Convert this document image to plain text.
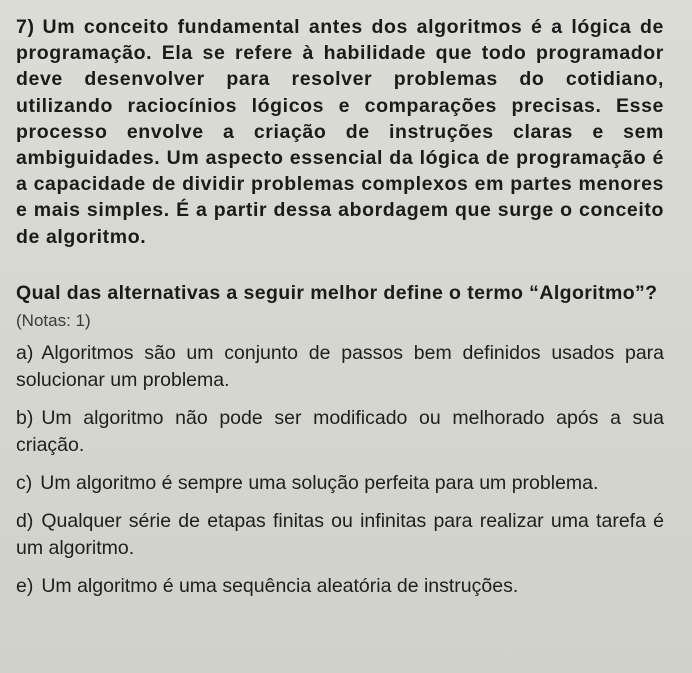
7) Um conceito fundamental antes dos algoritmos é a lógica de programação. Ela se refere à habilidade que todo programador deve desenvolver para resolver problemas do cotidiano, utilizando raciocínios lógicos e comparações precisas. Esse processo envolve a criação de instruções claras e sem ambiguidades. Um aspecto essencial da lógica de programação é a capacidade de dividir problemas complexos em partes menores e mais simples. É a partir dessa abordagem que surge o conceito de algoritmo.

Qual das alternativas a seguir melhor define o termo “Algoritmo”?

(Notas: 1)
a) Algoritmos são um conjunto de passos bem definidos usados para solucionar um problema.
b) Um algoritmo não pode ser modificado ou melhorado após a sua criação.
c) Um algoritmo é sempre uma solução perfeita para um problema.
d) Qualquer série de etapas finitas ou infinitas para realizar uma tarefa é um algoritmo.
e) Um algoritmo é uma sequência aleatória de instruções.
